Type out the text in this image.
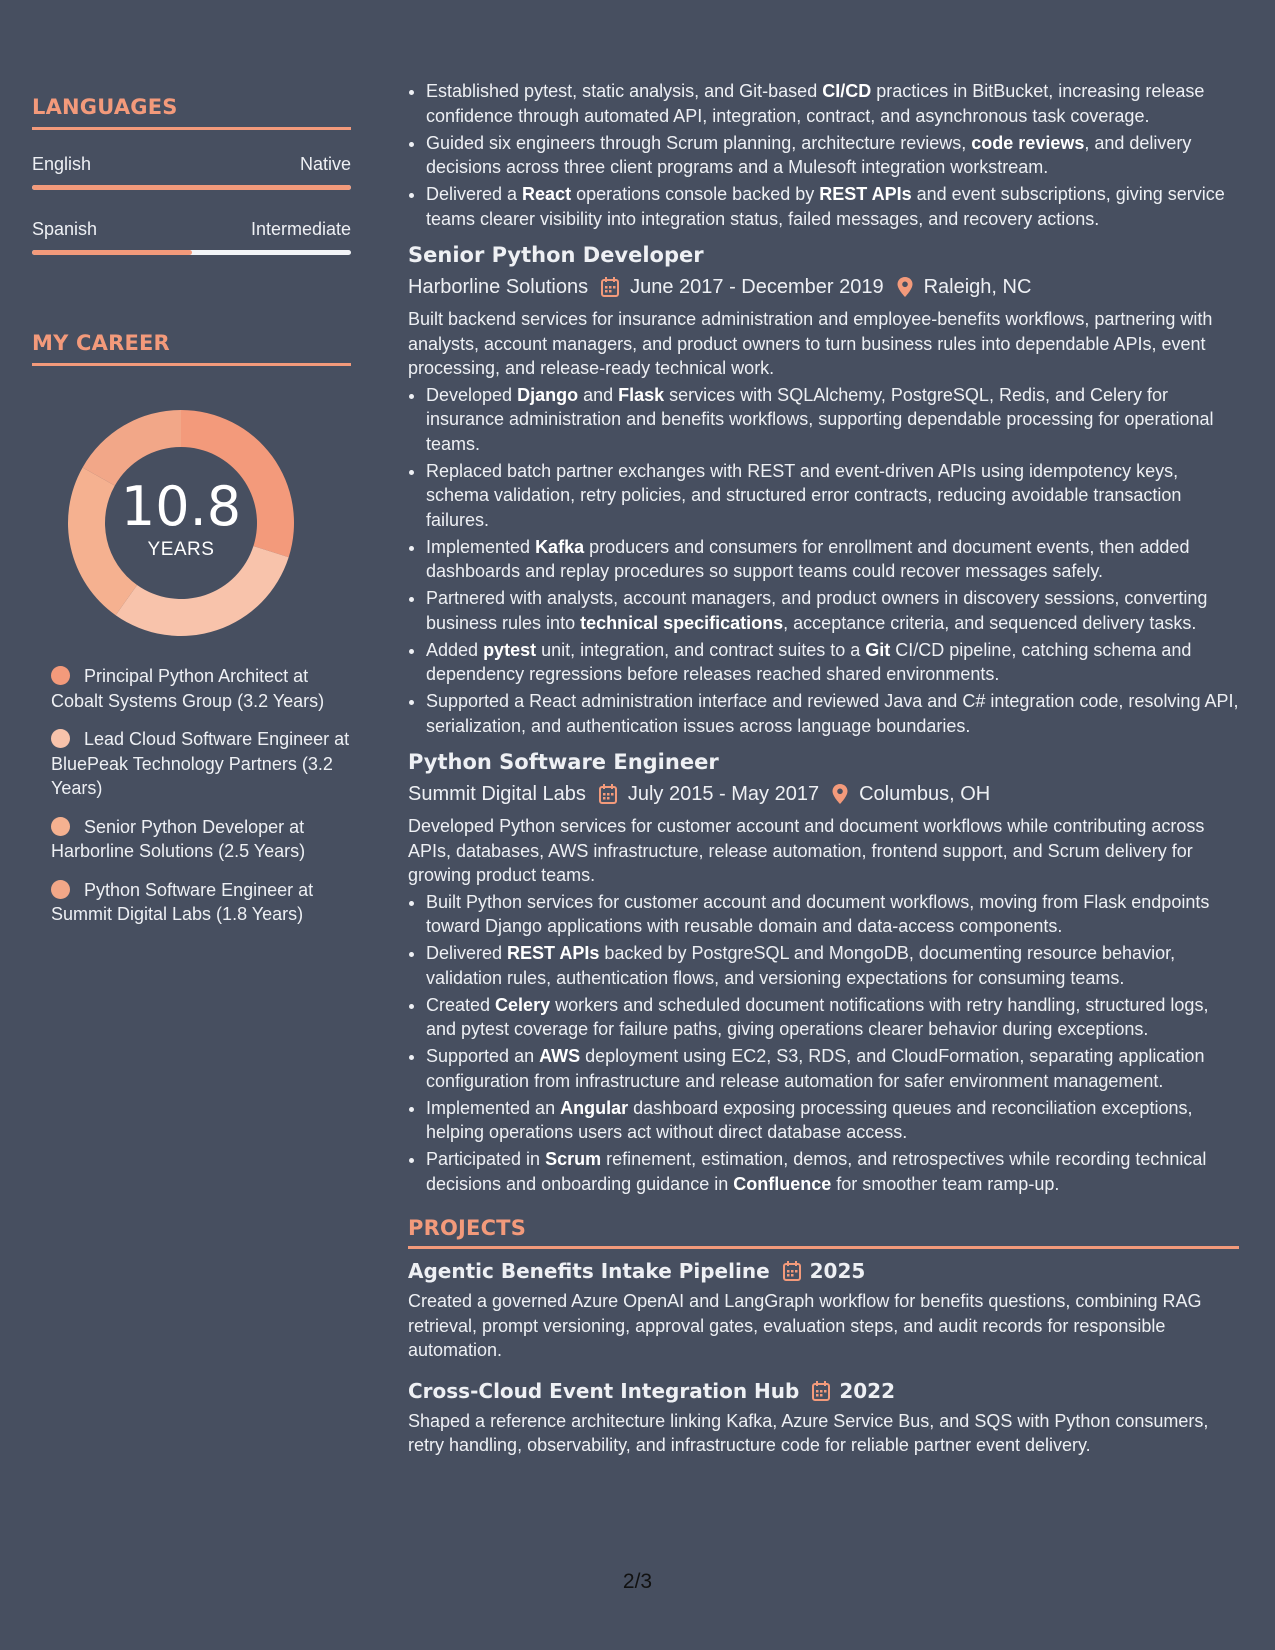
LANGUAGES
English	Native
Spanish	Intermediate
MY CAREER
10.8
YEARS
Principal Python Architect at Cobalt Systems Group (3.2 Years)
Lead Cloud Software Engineer at BluePeak Technology Partners (3.2 Years)
Senior Python Developer at Harborline Solutions (2.5 Years)
Python Software Engineer at Summit Digital Labs (1.8 Years)
• Established pytest, static analysis, and Git-based CI/CD practices in BitBucket, increasing release confidence through automated API, integration, contract, and asynchronous task coverage.
• Guided six engineers through Scrum planning, architecture reviews, code reviews, and delivery decisions across three client programs and a Mulesoft integration workstream.
• Delivered a React operations console backed by REST APIs and event subscriptions, giving service teams clearer visibility into integration status, failed messages, and recovery actions.
Senior Python Developer
Harborline Solutions June 2017 - December 2019 Raleigh, NC

Built backend services for insurance administration and employee-benefits workflows, partnering with analysts, account managers, and product owners to turn business rules into dependable APIs, event processing, and release-ready technical work.

• Developed Django and Flask services with SQLAlchemy, PostgreSQL, Redis, and Celery for insurance administration and benefits workflows, supporting dependable processing for operational teams.
• Replaced batch partner exchanges with REST and event-driven APIs using idempotency keys, schema validation, retry policies, and structured error contracts, reducing avoidable transaction failures.
• Implemented Kafka producers and consumers for enrollment and document events, then added dashboards and replay procedures so support teams could recover messages safely.
• Partnered with analysts, account managers, and product owners in discovery sessions, converting business rules into technical specifications, acceptance criteria, and sequenced delivery tasks.
• Added pytest unit, integration, and contract suites to a Git CI/CD pipeline, catching schema and dependency regressions before releases reached shared environments.
• Supported a React administration interface and reviewed Java and C# integration code, resolving API, serialization, and authentication issues across language boundaries.
Python Software Engineer
Summit Digital Labs July 2015 - May 2017 Columbus, OH

Developed Python services for customer account and document workflows while contributing across APIs, databases, AWS infrastructure, release automation, frontend support, and Scrum delivery for growing product teams.

• Built Python services for customer account and document workflows, moving from Flask endpoints toward Django applications with reusable domain and data-access components.
• Delivered REST APIs backed by PostgreSQL and MongoDB, documenting resource behavior, validation rules, authentication flows, and versioning expectations for consuming teams.
• Created Celery workers and scheduled document notifications with retry handling, structured logs, and pytest coverage for failure paths, giving operations clearer behavior during exceptions.
• Supported an AWS deployment using EC2, S3, RDS, and CloudFormation, separating application configuration from infrastructure and release automation for safer environment management.
• Implemented an Angular dashboard exposing processing queues and reconciliation exceptions, helping operations users act without direct database access.
• Participated in Scrum refinement, estimation, demos, and retrospectives while recording technical decisions and onboarding guidance in Confluence for smoother team ramp-up.
PROJECTS
Agentic Benefits Intake Pipeline 2025

Created a governed Azure OpenAI and LangGraph workflow for benefits questions, combining RAG retrieval, prompt versioning, approval gates, evaluation steps, and audit records for responsible automation.

Cross-Cloud Event Integration Hub 2022

Shaped a reference architecture linking Kafka, Azure Service Bus, and SQS with Python consumers, retry handling, observability, and infrastructure code for reliable partner event delivery.

2/3
